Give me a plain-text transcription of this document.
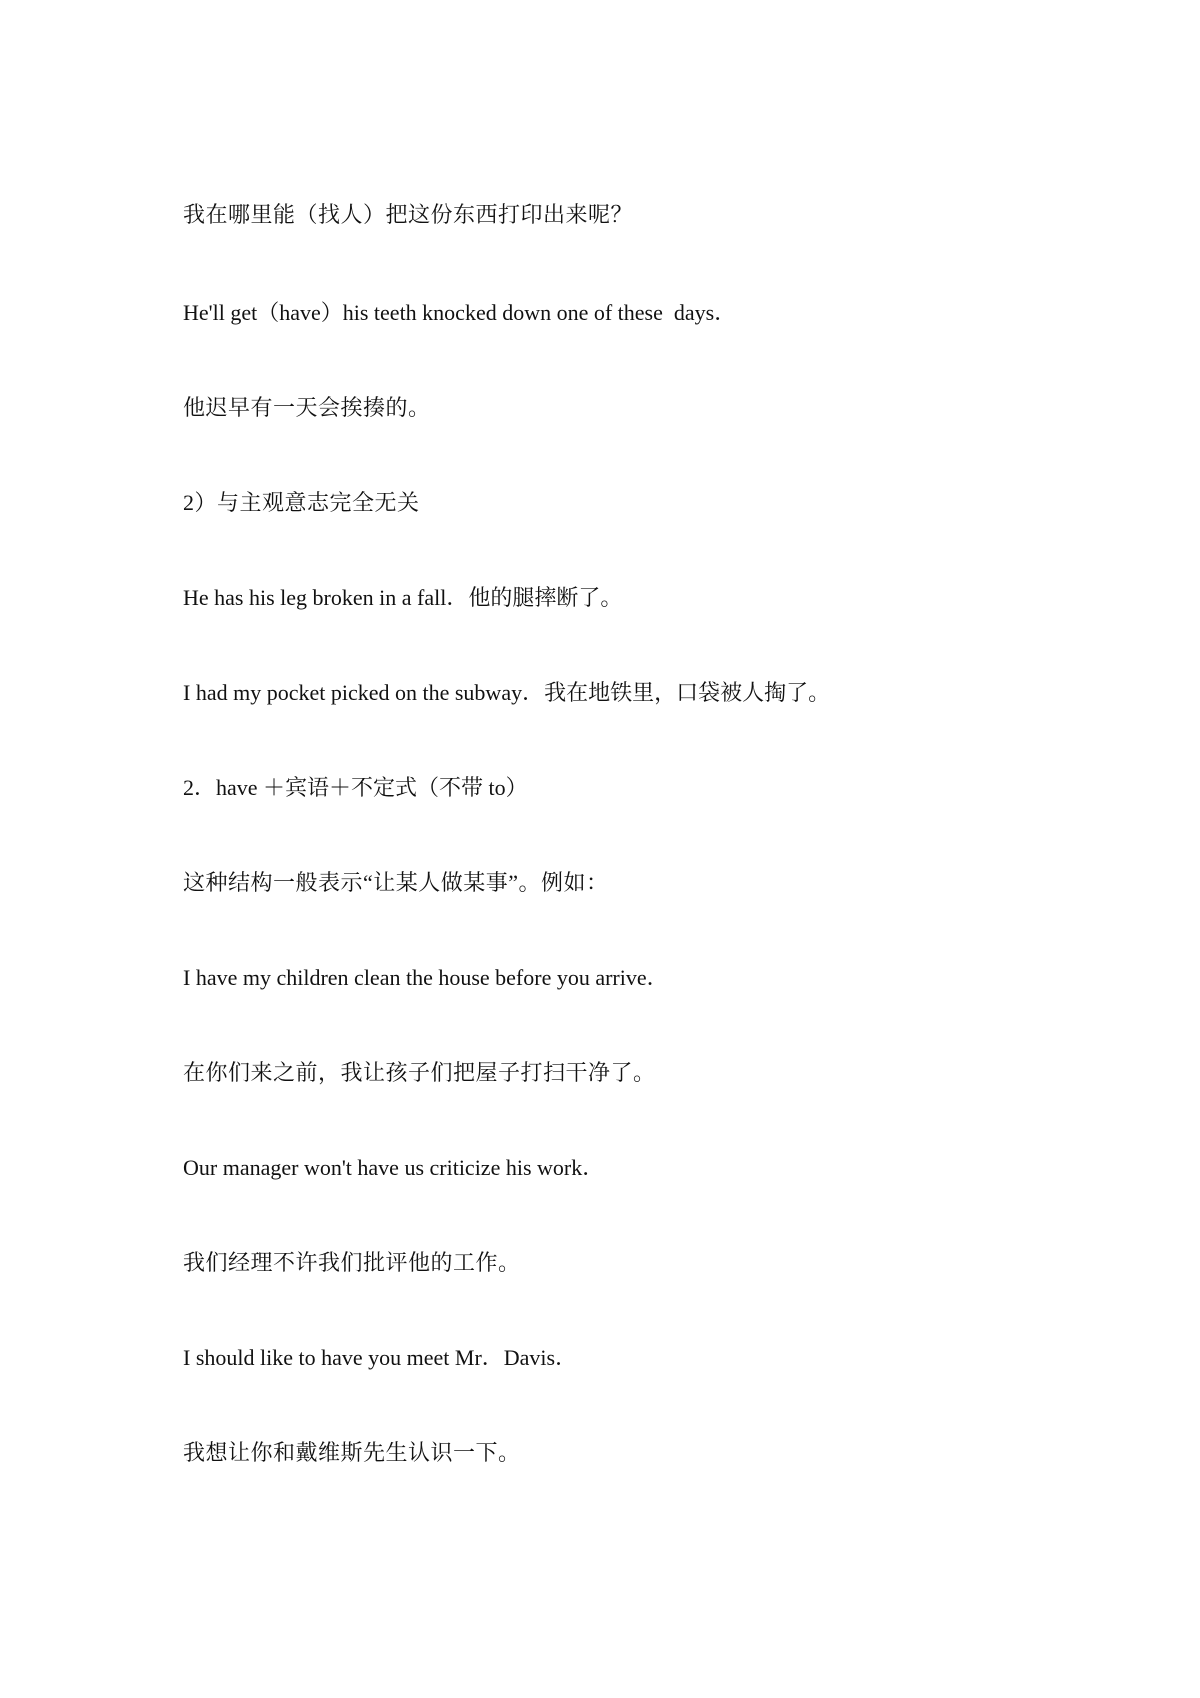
我在哪里能（找人）把这份东西打印出来呢？

He'll get（have）his teeth knocked down one of these  days．

他迟早有一天会挨揍的。

2）与主观意志完全无关

He has his leg broken in a fall．他的腿摔断了。

I had my pocket picked on the subway．我在地铁里，口袋被人掏了。

2．have ＋宾语＋不定式（不带 to）

这种结构一般表示“让某人做某事”。例如：

I have my children clean the house before you arrive．

在你们来之前，我让孩子们把屋子打扫干净了。

Our manager won't have us criticize his work．

我们经理不许我们批评他的工作。

I should like to have you meet Mr．Davis．

我想让你和戴维斯先生认识一下。
